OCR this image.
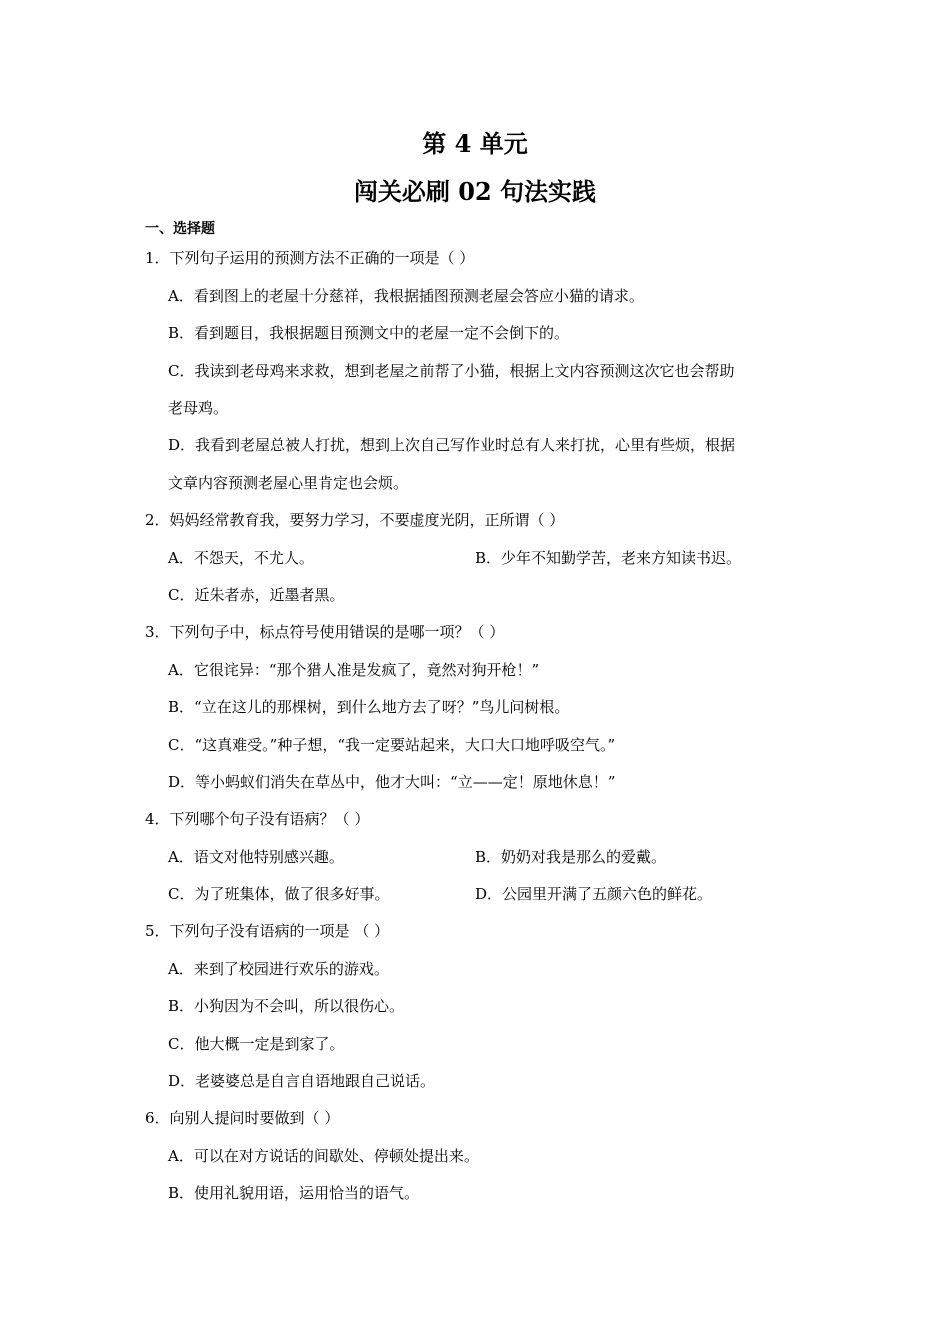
第 4 单元
闯关必刷 02 句法实践
一、选择题
1．下列句子运用的预测方法不正确的一项是（ ）
A．看到图上的老屋十分慈祥，我根据插图预测老屋会答应小猫的请求。
B．看到题目，我根据题目预测文中的老屋一定不会倒下的。
C．我读到老母鸡来求救，想到老屋之前帮了小猫，根据上文内容预测这次它也会帮助
老母鸡。
D．我看到老屋总被人打扰，想到上次自己写作业时总有人来打扰，心里有些烦，根据
文章内容预测老屋心里肯定也会烦。
2．妈妈经常教育我，要努力学习，不要虚度光阴，正所谓（ ）
A．不怨天，不尤人。	B．少年不知勤学苦，老来方知读书迟。
C．近朱者赤，近墨者黑。
3．下列句子中，标点符号使用错误的是哪一项？（ ）
A．它很诧异：“那个猎人准是发疯了，竟然对狗开枪！”
B．“立在这儿的那棵树，到什么地方去了呀？”鸟儿问树根。
C．“这真难受。”种子想，“我一定要站起来，大口大口地呼吸空气。”
D．等小蚂蚁们消失在草丛中，他才大叫：“立——定！原地休息！”
4．下列哪个句子没有语病？（ ）
A．语文对他特别感兴趣。	B．奶奶对我是那么的爱戴。
C．为了班集体，做了很多好事。	D．公园里开满了五颜六色的鲜花。
5．下列句子没有语病的一项是 （ ）
A．来到了校园进行欢乐的游戏。
B．小狗因为不会叫，所以很伤心。
C．他大概一定是到家了。
D．老婆婆总是自言自语地跟自己说话。
6．向别人提问时要做到（ ）
A．可以在对方说话的间歇处、停顿处提出来。
B．使用礼貌用语，运用恰当的语气。
